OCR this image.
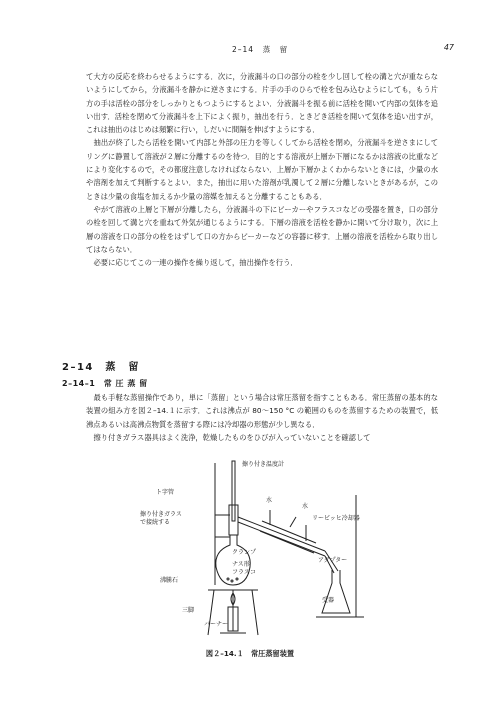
2–14　蒸　留	47

て大方の反応を終わらせるようにする．次に，分液漏斗の口の部分の栓を少し回して栓の溝と穴が重ならないようにしてから，分液漏斗を静かに逆さまにする．片手の手のひらで栓を包み込むようにしても，もう片方の手は活栓の部分をしっかりともつようにするとよい．分液漏斗を振る前に活栓を開いて内部の気体を追い出す．活栓を閉めて分液漏斗を上下によく振り，抽出を行う．ときどき活栓を開いて気体を追い出すが，これは抽出のはじめは頻繁に行い，しだいに間隔を伸ばすようにする．

抽出が終了したら活栓を開いて内部と外部の圧力を等しくしてから活栓を閉め，分液漏斗を逆さまにしてリングに静置して溶液が２層に分離するのを待つ．目的とする溶液が上層か下層になるかは溶液の比重などにより変化するので，その都度注意しなければならない．上層か下層かよくわからないときには，少量の水や溶剤を加えて判断するとよい．また，抽出に用いた溶剤が乳濁して２層に分離しないときがあるが，このときは少量の食塩を加えるか少量の溶媒を加えると分離することもある．

やがて溶液の上層と下層が分離したら，分液漏斗の下にビーカーやフラスコなどの受器を置き，口の部分の栓を回して溝と穴を重ねて外気が通じるようにする．下層の溶液を活栓を静かに開いて分け取り，次に上層の溶液を口の部分の栓をはずして口の方からビーカーなどの容器に移す．上層の溶液を活栓から取り出してはならない．

必要に応じてこの一連の操作を繰り返して，抽出操作を行う．

2–14　蒸　留
2–14–1　常 圧 蒸 留

最も手軽な蒸留操作であり，単に「蒸留」という場合は常圧蒸留を指すこともある．常圧蒸留の基本的な装置の組み方を図２–14.１に示す．これは沸点が 80～150 °C の範囲のものを蒸留するための装置で，低沸点あるいは高沸点物質を蒸留する際には冷却器の形態が少し異なる．

擦り付きガラス器具はよく洗浄，乾燥したものをひびが入っていないことを確認して

擦り付き温度計
ト字管
擦り付きガラス
で接続する
水
水
リービッヒ冷却器
クランプ
ナス形
フラスコ
アダプター
沸騰石
受器
三脚
バーナー
図２–14.１　常圧蒸留装置
